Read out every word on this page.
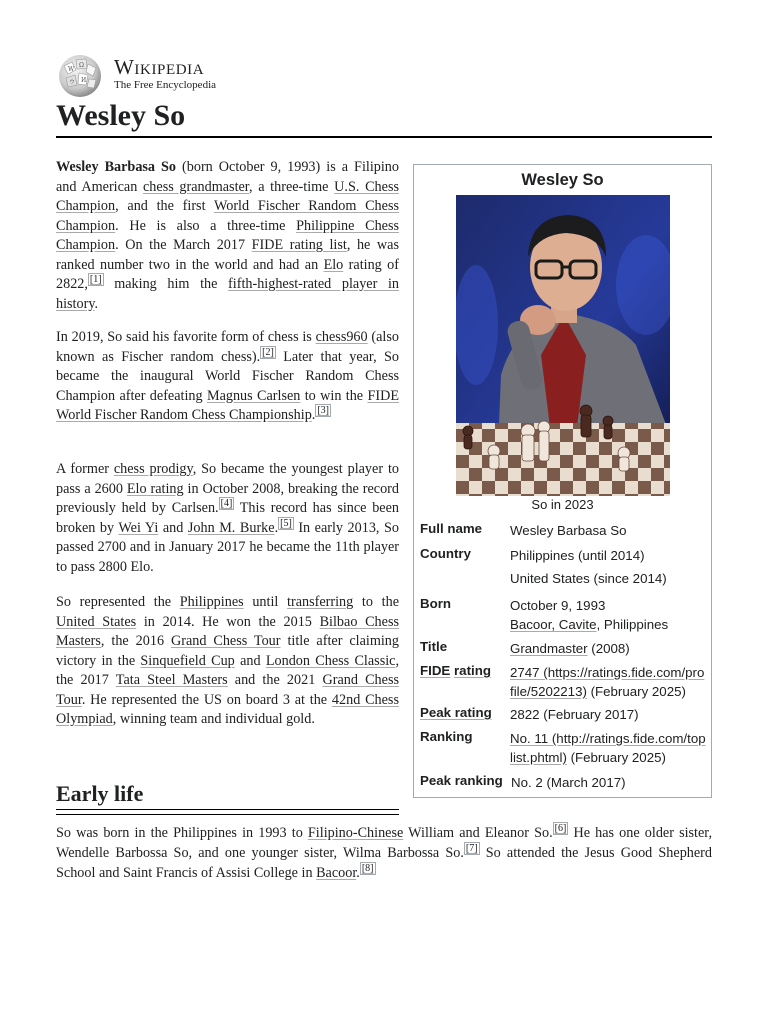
W
Ω
И
ウ
Wikipedia
The Free Encyclopedia
Wesley So

Wesley Barbasa So (born October 9, 1993) is a Filipino and American chess grandmaster, a three-time U.S. Chess Champion, and the first World Fischer Random Chess Champion. He is also a three-time Philippine Chess Champion. On the March 2017 FIDE rating list, he was ranked number two in the world and had an Elo rating of 2822, [1] making him the fifth-highest-rated player in history.

In 2019, So said his favorite form of chess is chess960 (also known as Fischer random chess). [2] Later that year, So became the inaugural World Fischer Random Chess Champion after defeating Magnus Carlsen to win the FIDE World Fischer Random Chess Championship. [3]

A former chess prodigy, So became the youngest player to pass a 2600 Elo rating in October 2008, breaking the record previously held by Carlsen. [4] This record has since been broken by Wei Yi and John M. Burke. [5] In early 2013, So passed 2700 and in January 2017 he became the 11th player to pass 2800 Elo.

So represented the Philippines until transferring to the United States in 2014. He won the 2015 Bilbao Chess Masters, the 2016 Grand Chess Tour title after claiming victory in the Sinquefield Cup and London Chess Classic, the 2017 Tata Steel Masters and the 2021 Grand Chess Tour. He represented the US on board 3 at the 42nd Chess Olympiad, winning team and individual gold.

Early life

So was born in the Philippines in 1993 to Filipino-Chinese William and Eleanor So. [6] He has one older sister, Wendelle Barbossa So, and one younger sister, Wilma Barbossa So. [7] So attended the Jesus Good Shepherd School and Saint Francis of Assisi College in Bacoor. [8]

Wesley So
So in 2023
Full name Wesley Barbasa So
Country	Philippines (until 2014)
United States (since 2014)
Born	October 9, 1993
Bacoor, Cavite, Philippines
Title	Grandmaster (2008)
FIDE rating 2747 (https://ratings.fide.com/profile/5202213) (February 2025)
Peak rating 2822 (February 2017)
Ranking	No. 11 (http://ratings.fide.com/toplist.phtml) (February 2025)
Peak ranking No. 2 (March 2017)
